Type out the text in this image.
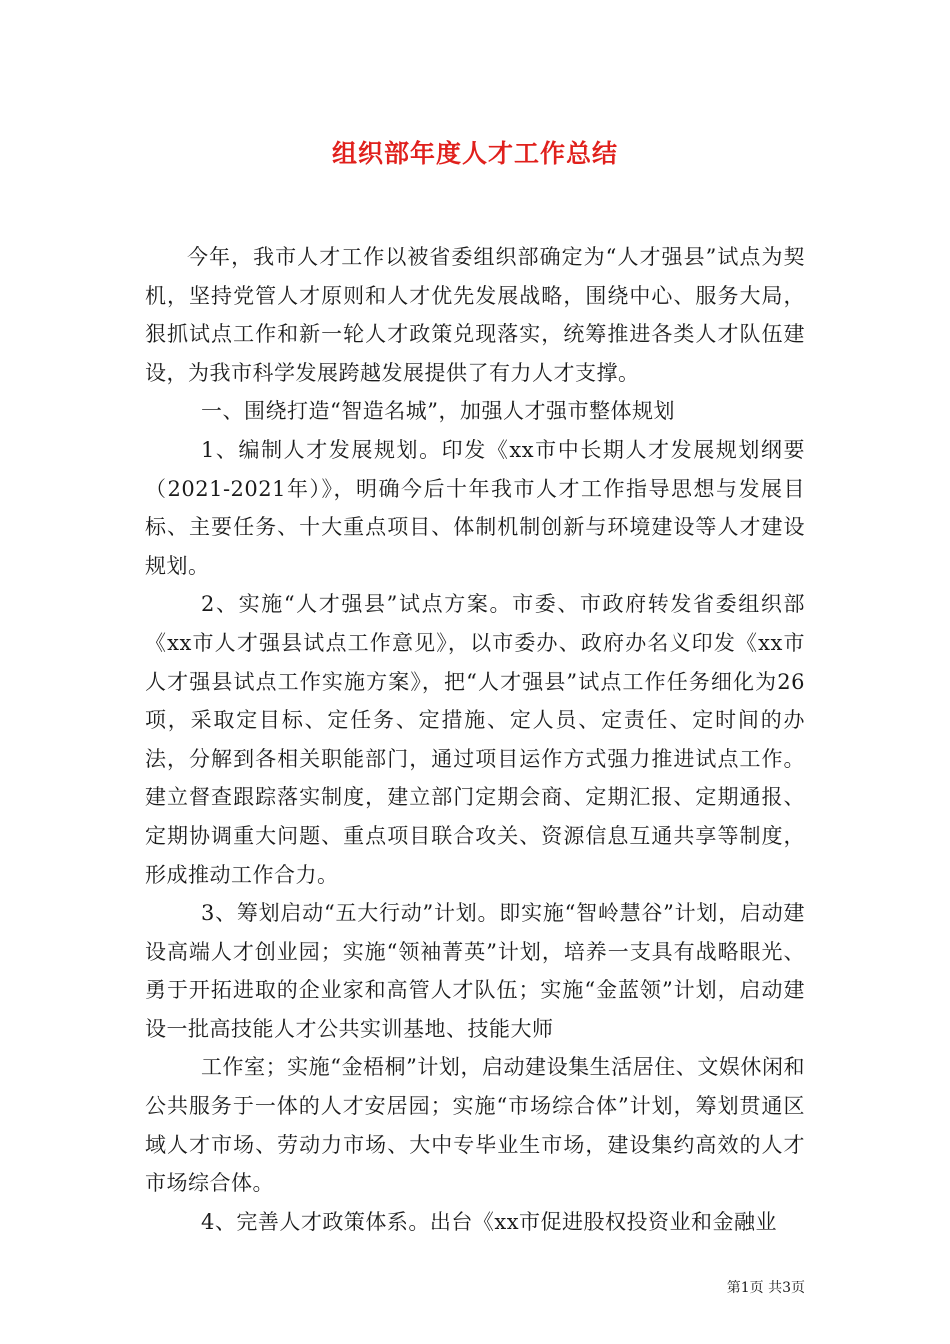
组织部年度人才工作总结

今年，我市人才工作以被省委组织部确定为“人才强县”试点为契机，坚持党管人才原则和人才优先发展战略，围绕中心、服务大局，狠抓试点工作和新一轮人才政策兑现落实，统筹推进各类人才队伍建设，为我市科学发展跨越发展提供了有力人才支撑。

一、围绕打造“智造名城”，加强人才强市整体规划

1、编制人才发展规划。印发《xx市中长期人才发展规划纲要（2021-2021年）》，明确今后十年我市人才工作指导思想与发展目标、主要任务、十大重点项目、体制机制创新与环境建设等人才建设规划。

2、实施“人才强县”试点方案。市委、市政府转发省委组织部《xx市人才强县试点工作意见》，以市委办、政府办名义印发《xx市人才强县试点工作实施方案》，把“人才强县”试点工作任务细化为26项，采取定目标、定任务、定措施、定人员、定责任、定时间的办法，分解到各相关职能部门，通过项目运作方式强力推进试点工作。建立督查跟踪落实制度，建立部门定期会商、定期汇报、定期通报、定期协调重大问题、重点项目联合攻关、资源信息互通共享等制度，形成推动工作合力。

3、筹划启动“五大行动”计划。即实施“智岭慧谷”计划，启动建设高端人才创业园；实施“领袖菁英”计划，培养一支具有战略眼光、勇于开拓进取的企业家和高管人才队伍；实施“金蓝领”计划，启动建设一批高技能人才公共实训基地、技能大师

工作室；实施“金梧桐”计划，启动建设集生活居住、文娱休闲和公共服务于一体的人才安居园；实施“市场综合体”计划，筹划贯通区域人才市场、劳动力市场、大中专毕业生市场，建设集约高效的人才市场综合体。

4、完善人才政策体系。出台《xx市促进股权投资业和金融业

第1页 共3页
